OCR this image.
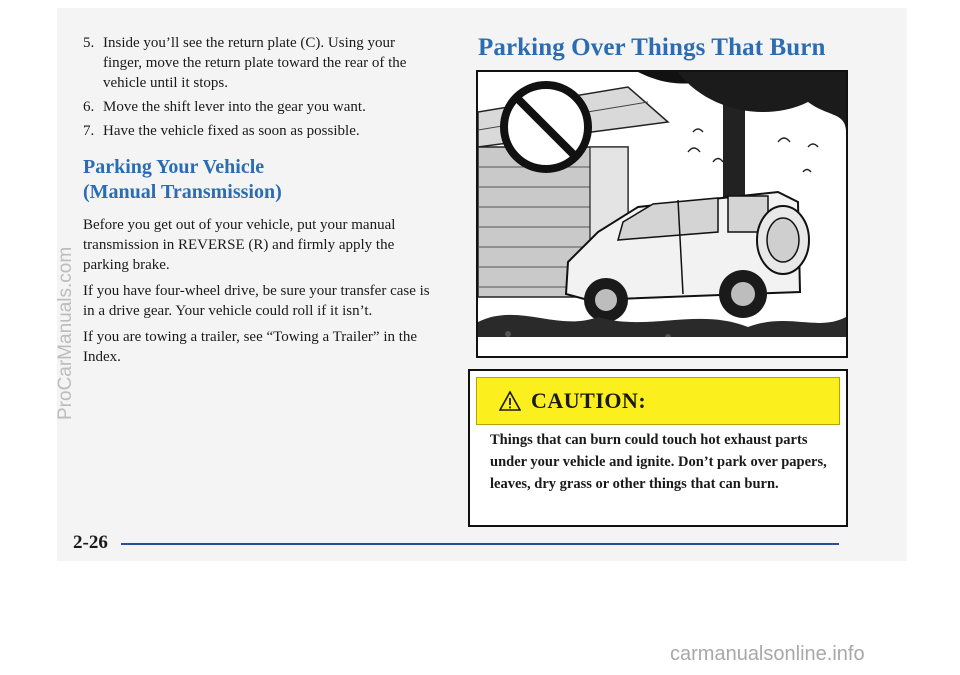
5. Inside you’ll see the return plate (C). Using your finger, move the return plate toward the rear of the vehicle until it stops.
6. Move the shift lever into the gear you want.
7. Have the vehicle fixed as soon as possible.
Parking Your Vehicle
(Manual Transmission)

Before you get out of your vehicle, put your manual transmission in REVERSE (R) and firmly apply the parking brake.

If you have four-wheel drive, be sure your transfer case is in a drive gear. Your vehicle could roll if it isn’t.

If you are towing a trailer, see “Towing a Trailer” in the Index.

Parking Over Things That Burn
CAUTION:
Things that can burn could touch hot exhaust parts under your vehicle and ignite. Don’t park over papers, leaves, dry grass or other things that can burn.
2-26
ProCarManuals.com
carmanualsonline.info
